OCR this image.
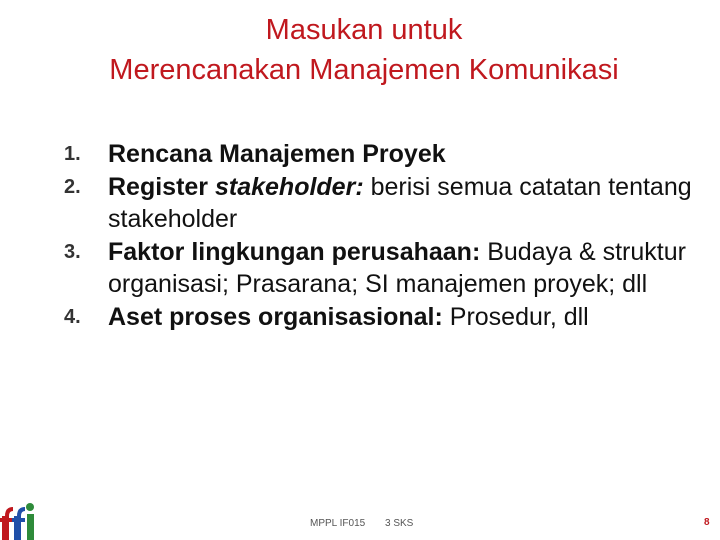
Masukan untuk
Merencanakan Manajemen Komunikasi
1. Rencana Manajemen Proyek
2. Register stakeholder: berisi semua catatan tentang stakeholder
3. Faktor lingkungan perusahaan: Budaya & struktur organisasi; Prasarana; SI manajemen proyek; dll
4. Aset proses organisasional: Prosedur, dll
MPPL IF015 3 SKS	8
